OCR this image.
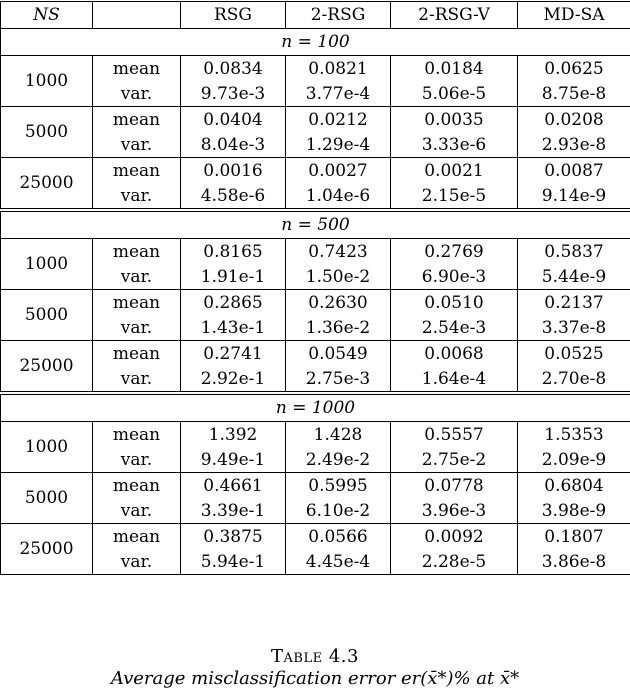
NS		RSG	2-RSG	2-RSG-V	MD-SA
n = 100					
1000	mean	0.0834	0.0821	0.0184	0.0625
	var.	9.73e-3	3.77e-4	5.06e-5	8.75e-8
5000	mean	0.0404	0.0212	0.0035	0.0208
	var.	8.04e-3	1.29e-4	3.33e-6	2.93e-8
25000	mean	0.0016	0.0027	0.0021	0.0087
	var.	4.58e-6	1.04e-6	2.15e-5	9.14e-9
n = 500					
1000	mean	0.8165	0.7423	0.2769	0.5837
	var.	1.91e-1	1.50e-2	6.90e-3	5.44e-9
5000	mean	0.2865	0.2630	0.0510	0.2137
	var.	1.43e-1	1.36e-2	2.54e-3	3.37e-8
25000	mean	0.2741	0.0549	0.0068	0.0525
	var.	2.92e-1	2.75e-3	1.64e-4	2.70e-8
n = 1000					
1000	mean	1.392	1.428	0.5557	1.5353
	var.	9.49e-1	2.49e-2	2.75e-2	2.09e-9
5000	mean	0.4661	0.5995	0.0778	0.6804
	var.	3.39e-1	6.10e-2	3.96e-3	3.98e-9
25000	mean	0.3875	0.0566	0.0092	0.1807
	var.	5.94e-1	4.45e-4	2.28e-5	3.86e-8
Table 4.3
Average misclassification error er(x̄*)% at x̄*
